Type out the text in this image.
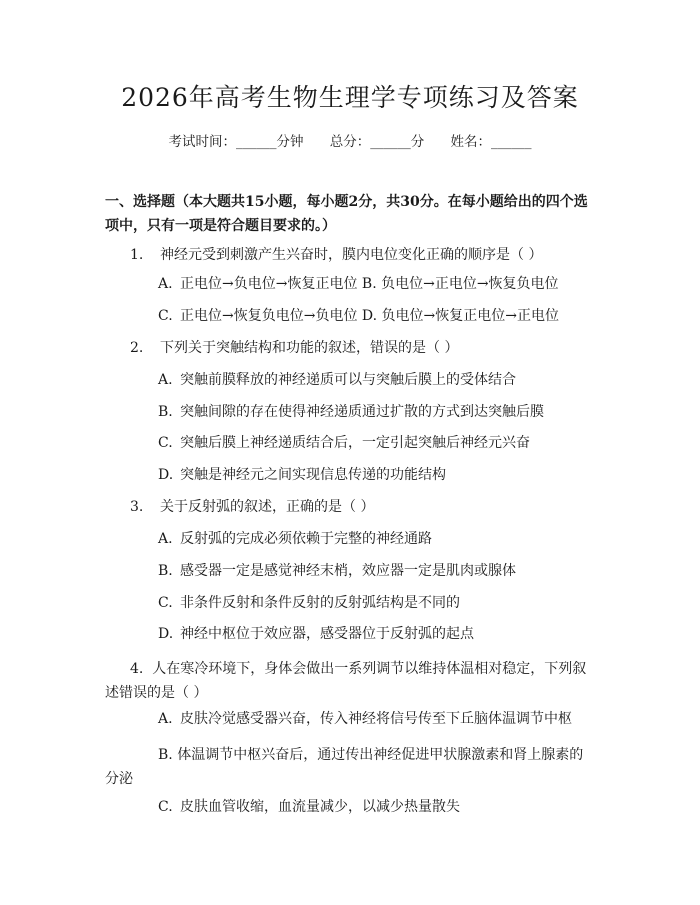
2026年高考生物生理学专项练习及答案
考试时间：______分钟 总分：______分 姓名：______
一、选择题（本大题共15小题，每小题2分，共30分。在每小题给出的四个选项中，只有一项是符合题目要求的。）
1. 神经元受到刺激产生兴奋时，膜内电位变化正确的顺序是（ ）
A. 正电位→负电位→恢复正电位 B. 负电位→正电位→恢复负电位
C. 正电位→恢复负电位→负电位 D. 负电位→恢复正电位→正电位
2. 下列关于突触结构和功能的叙述，错误的是（ ）
A. 突触前膜释放的神经递质可以与突触后膜上的受体结合
B. 突触间隙的存在使得神经递质通过扩散的方式到达突触后膜
C. 突触后膜上神经递质结合后，一定引起突触后神经元兴奋
D. 突触是神经元之间实现信息传递的功能结构
3. 关于反射弧的叙述，正确的是（ ）
A. 反射弧的完成必须依赖于完整的神经通路
B. 感受器一定是感觉神经末梢，效应器一定是肌肉或腺体
C. 非条件反射和条件反射的反射弧结构是不同的
D. 神经中枢位于效应器，感受器位于反射弧的起点
4. 人在寒冷环境下，身体会做出一系列调节以维持体温相对稳定，下列叙述错误的是（ ）
A. 皮肤冷觉感受器兴奋，传入神经将信号传至下丘脑体温调节中枢
B. 体温调节中枢兴奋后，通过传出神经促进甲状腺激素和肾上腺素的分泌
C. 皮肤血管收缩，血流量减少，以减少热量散失
